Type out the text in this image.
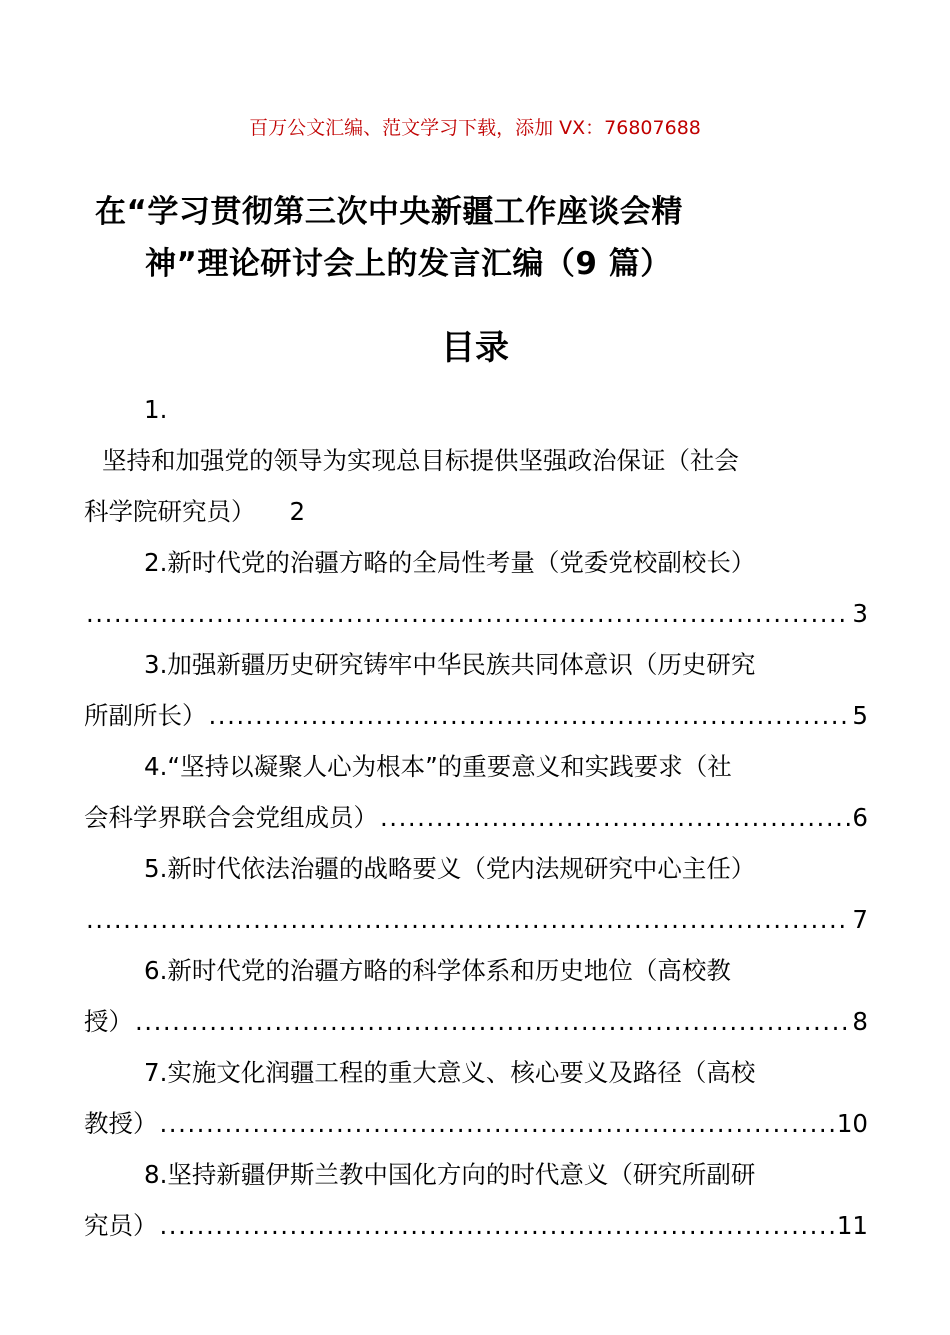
百万公文汇编、范文学习下载，添加 VX：76807688
在“学习贯彻第三次中央新疆工作座谈会精
神”理论研讨会上的发言汇编（9 篇）
目录
1.
坚持和加强党的领导为实现总目标提供坚强政治保证（社会
科学院研究员） 2
2.新时代党的治疆方略的全局性考量（党委党校副校长）
.....
3
3.加强新疆历史研究铸牢中华民族共同体意识（历史研究
所副所长） .....	5
4.“坚持以凝聚人心为根本”的重要意义和实践要求（社
会科学界联合会党组成员） .....	6
5.新时代依法治疆的战略要义（党内法规研究中心主任）
.....
7
6.新时代党的治疆方略的科学体系和历史地位（高校教
授） .....	8
7.实施文化润疆工程的重大意义、核心要义及路径（高校
教授） .....	10
8.坚持新疆伊斯兰教中国化方向的时代意义（研究所副研
究员） .....	11
